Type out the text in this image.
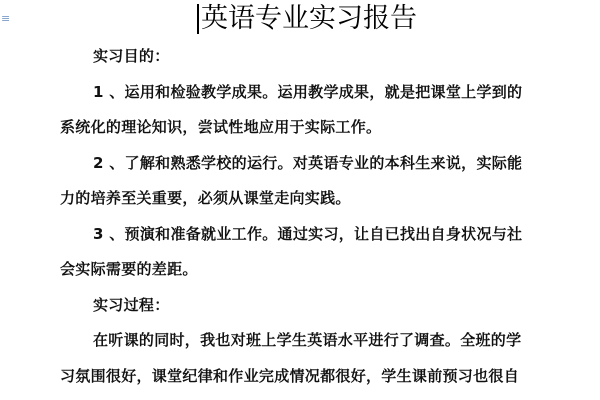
≡	英语专业实习报告
实习目的：
1 、运用和检验教学成果。运用教学成果，就是把课堂上学到的
系统化的理论知识，尝试性地应用于实际工作。
2 、了解和熟悉学校的运行。对英语专业的本科生来说，实际能
力的培养至关重要，必须从课堂走向实践。
3 、预演和准备就业工作。通过实习，让自已找出自身状况与社
会实际需要的差距。
实习过程：
在听课的同时，我也对班上学生英语水平进行了调查。全班的学
习氛围很好，课堂纪律和作业完成情况都很好，学生课前预习也很自
